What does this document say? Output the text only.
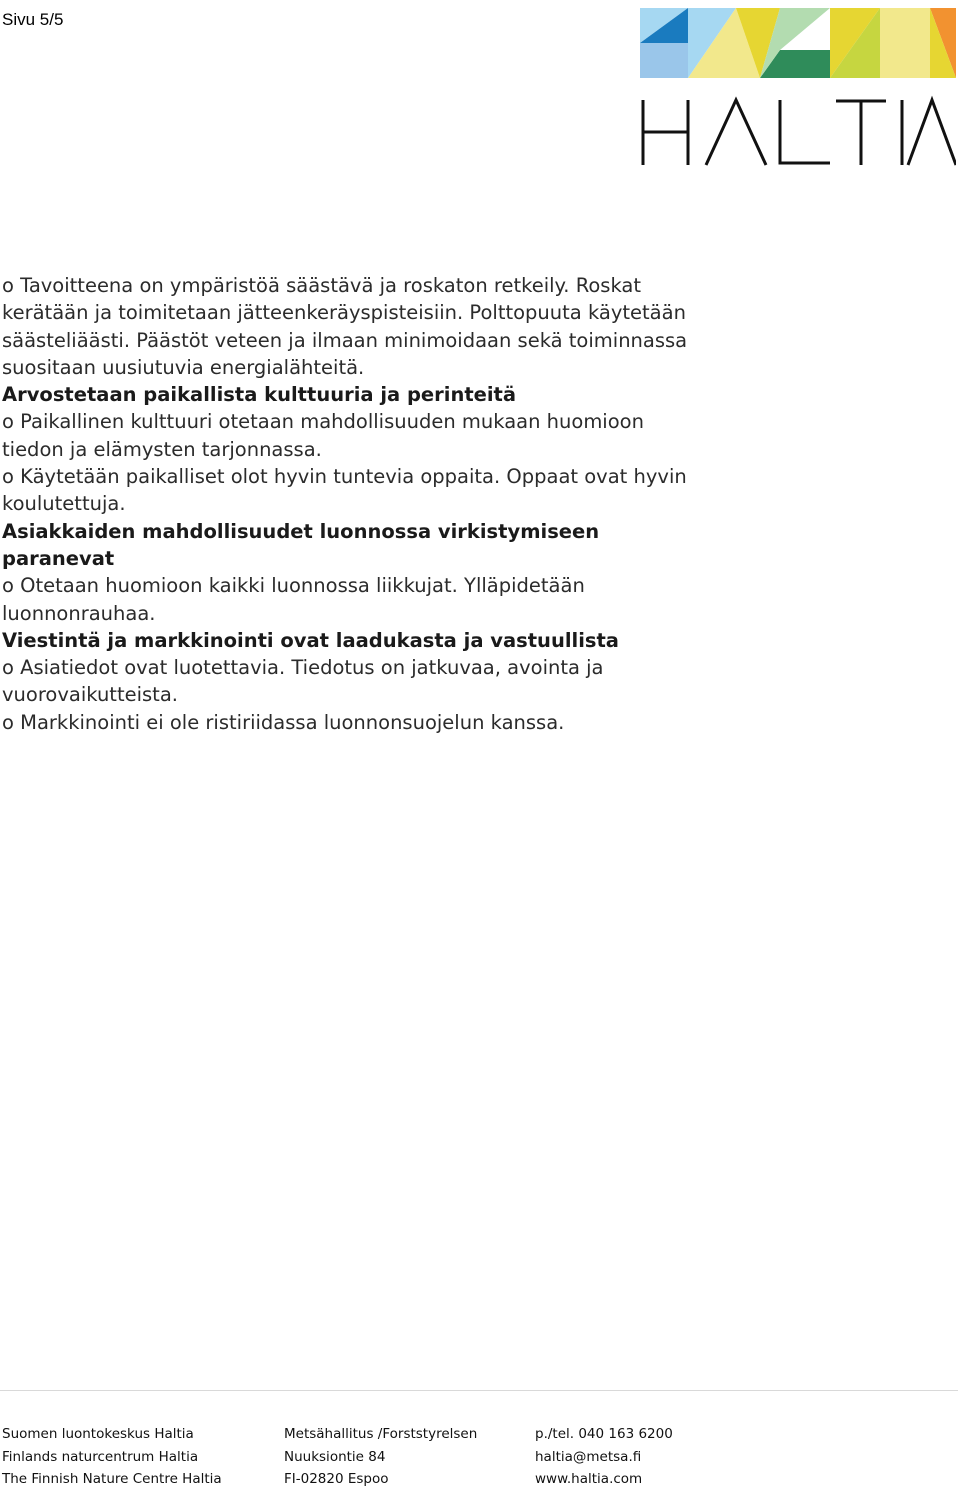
Sivu 5/5

o Tavoitteena on ympäristöä säästävä ja roskaton retkeily. Roskat kerätään ja toimitetaan jätteenkeräyspisteisiin. Polttopuuta käytetään säästeliäästi. Päästöt veteen ja ilmaan minimoidaan sekä toiminnassa suositaan uusiutuvia energialähteitä.

Arvostetaan paikallista kulttuuria ja perinteitä

o Paikallinen kulttuuri otetaan mahdollisuuden mukaan huomioon tiedon ja elämysten tarjonnassa.

o Käytetään paikalliset olot hyvin tuntevia oppaita. Oppaat ovat hyvin koulutettuja.

Asiakkaiden mahdollisuudet luonnossa virkistymiseen paranevat

o Otetaan huomioon kaikki luonnossa liikkujat. Ylläpidetään luonnonrauhaa.

Viestintä ja markkinointi ovat laadukasta ja vastuullista

o Asiatiedot ovat luotettavia. Tiedotus on jatkuvaa, avointa ja vuorovaikutteista.

o Markkinointi ei ole ristiriidassa luonnonsuojelun kanssa.

Suomen luontokeskus Haltia
Finlands naturcentrum Haltia
The Finnish Nature Centre Haltia
Metsähallitus /Forststyrelsen
Nuuksiontie 84
FI-02820 Espoo
p./tel. 040 163 6200
haltia@metsa.fi
www.haltia.com
